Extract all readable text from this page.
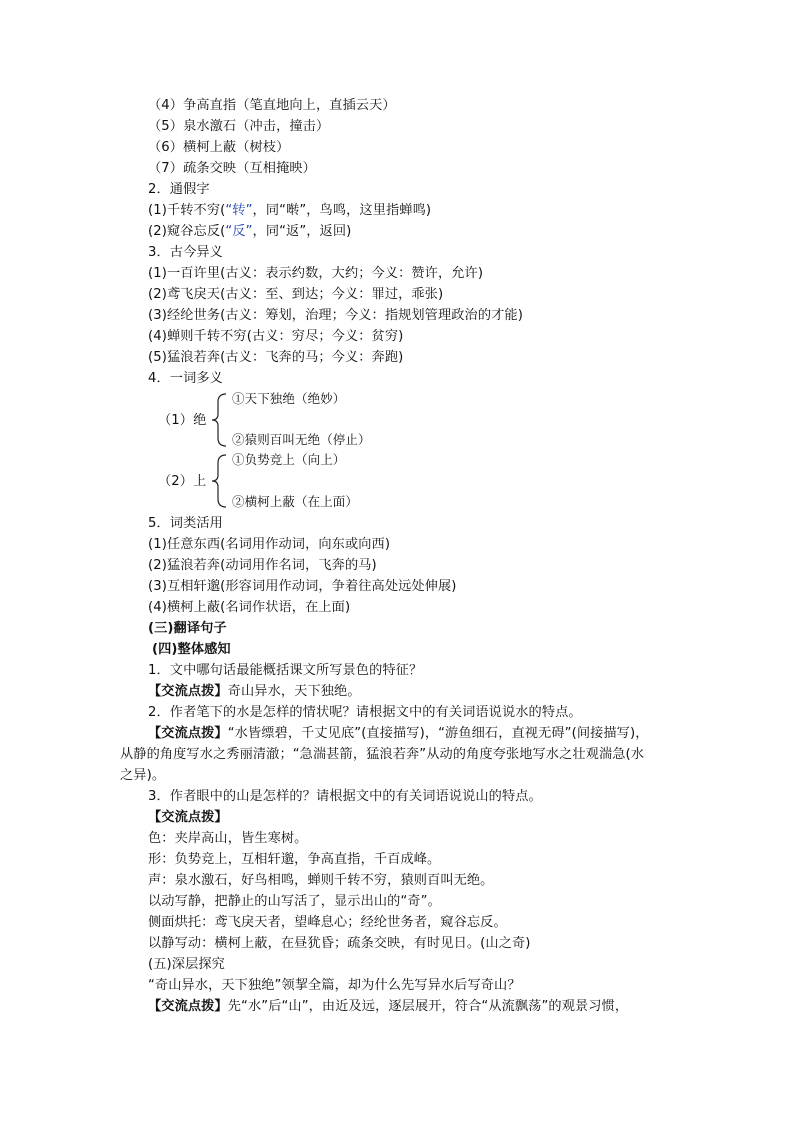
（4）争高直指（笔直地向上，直插云天）
（5）泉水激石（冲击，撞击）
（6）横柯上蔽（树枝）
（7）疏条交映（互相掩映）
2．通假字
(1)千转不穷(“转”，同“啭”，鸟鸣，这里指蝉鸣)
(2)窥谷忘反(“反”，同“返”，返回)
3．古今异义
(1)一百许里(古义：表示约数，大约；今义：赞许，允许)
(2)鸢飞戾天(古义：至、到达；今义：罪过，乖张)
(3)经纶世务(古义：筹划，治理；今义：指规划管理政治的才能)
(4)蝉则千转不穷(古义：穷尽；今义：贫穷)
(5)猛浪若奔(古义：飞奔的马；今义：奔跑)
4．一词多义
（1）绝
①天下独绝（绝妙）
②猿则百叫无绝（停止）
（2）上
①负势竞上（向上）
②横柯上蔽（在上面）
5．词类活用
(1)任意东西(名词用作动词，向东或向西)
(2)猛浪若奔(动词用作名词，飞奔的马)
(3)互相轩邈(形容词用作动词，争着往高处远处伸展)
(4)横柯上蔽(名词作状语，在上面)
(三)翻译句子
(四)整体感知
1．文中哪句话最能概括课文所写景色的特征？
【交流点拨】奇山异水，天下独绝。
2．作者笔下的水是怎样的情状呢？请根据文中的有关词语说说水的特点。
【交流点拨】“水皆缥碧，千丈见底”(直接描写)，“游鱼细石，直视无碍”(间接描写)，
从静的角度写水之秀丽清澈；“急湍甚箭，猛浪若奔”从动的角度夸张地写水之壮观湍急(水
之异)。
3．作者眼中的山是怎样的？请根据文中的有关词语说说山的特点。
【交流点拨】
色：夹岸高山，皆生寒树。
形：负势竞上，互相轩邈，争高直指，千百成峰。
声：泉水激石，好鸟相鸣，蝉则千转不穷，猿则百叫无绝。
以动写静，把静止的山写活了，显示出山的“奇”。
侧面烘托：鸢飞戾天者，望峰息心；经纶世务者，窥谷忘反。
以静写动：横柯上蔽，在昼犹昏；疏条交映，有时见日。(山之奇)
(五)深层探究
“奇山异水，天下独绝”领挈全篇，却为什么先写异水后写奇山？
【交流点拨】先“水”后“山”，由近及远，逐层展开，符合“从流飘荡”的观景习惯，
